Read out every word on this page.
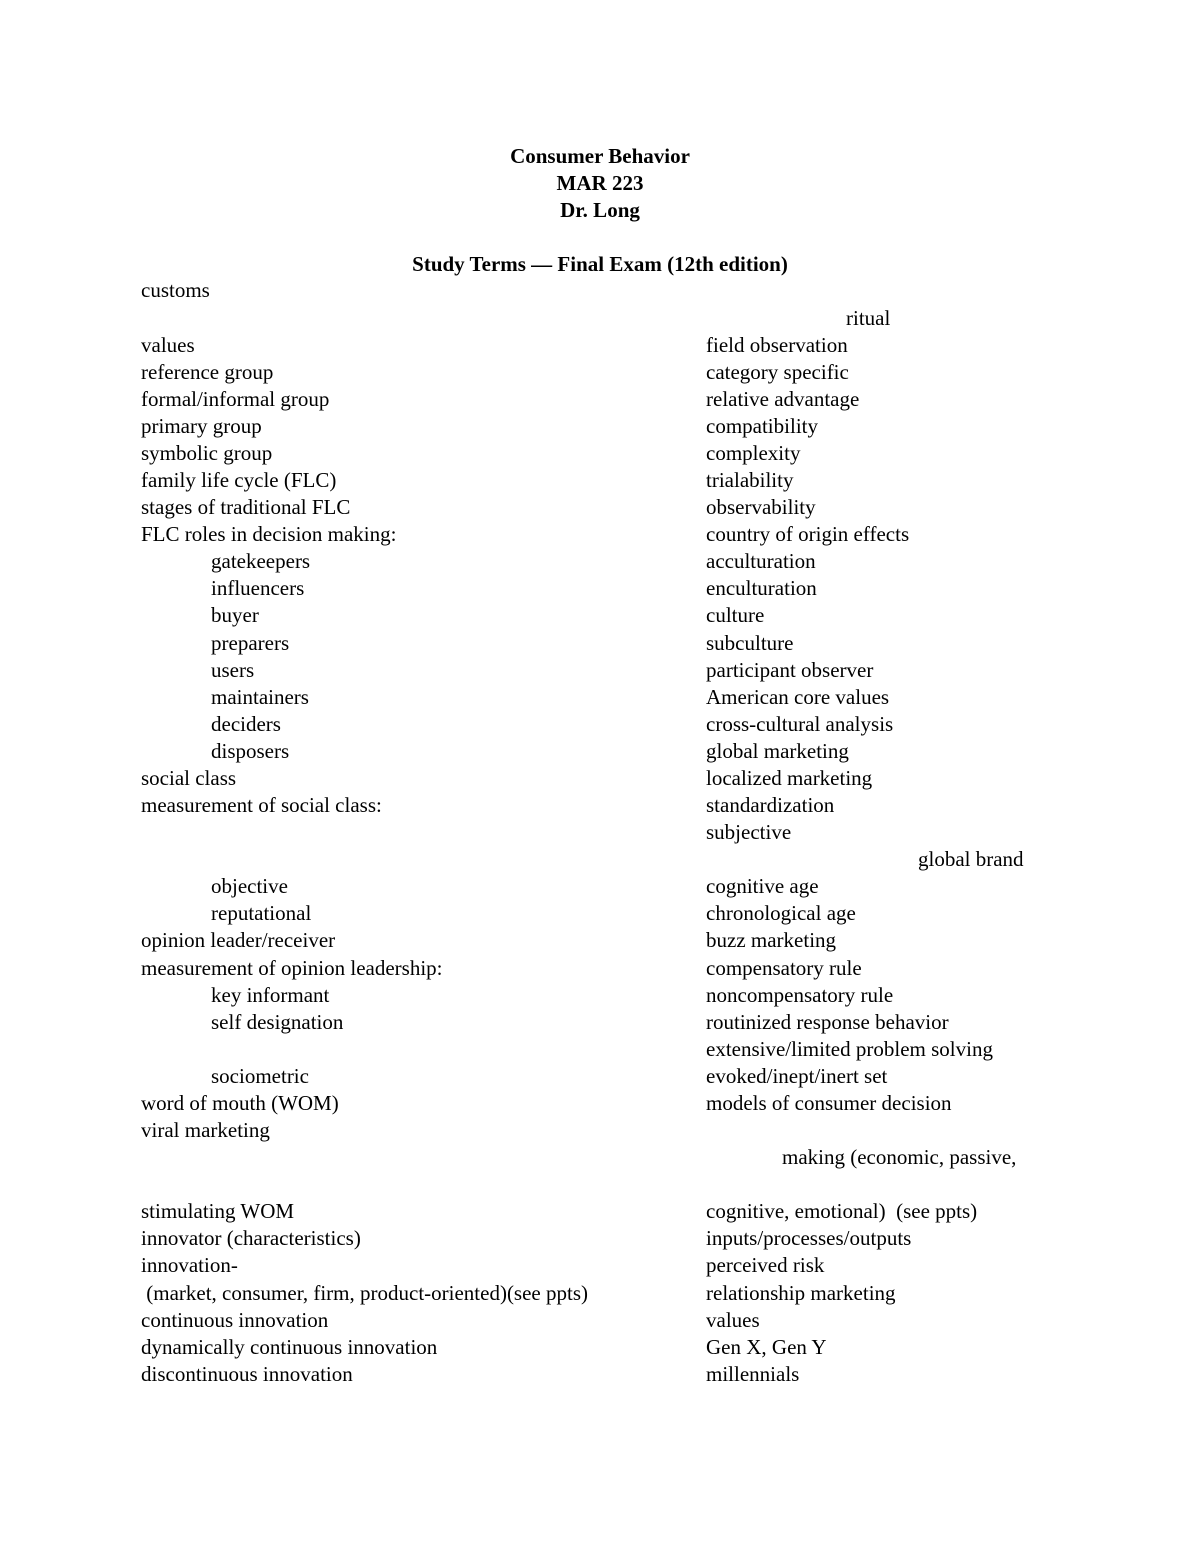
Consumer Behavior
MAR 223
Dr. Long
Study Terms — Final Exam (12th edition)
customs
values
reference group
formal/informal group
primary group
symbolic group
family life cycle (FLC)
stages of traditional FLC
FLC roles in decision making:
gatekeepers
influencers
buyer
preparers
users
maintainers
deciders
disposers
social class
measurement of social class:
objective
reputational
opinion leader/receiver
measurement of opinion leadership:
key informant
self designation
sociometric
word of mouth (WOM)
viral marketing
stimulating WOM
innovator (characteristics)
innovation-
(market, consumer, firm, product-oriented)(see ppts)
continuous innovation
dynamically continuous innovation
discontinuous innovation
ritual
field observation
category specific
relative advantage
compatibility
complexity
trialability
observability
country of origin effects
acculturation
enculturation
culture
subculture
participant observer
American core values
cross-cultural analysis
global marketing
localized marketing
standardization
subjective
global brand
cognitive age
chronological age
buzz marketing
compensatory rule
noncompensatory rule
routinized response behavior
extensive/limited problem solving
evoked/inept/inert set
models of consumer decision
making (economic, passive,
cognitive, emotional)  (see ppts)
inputs/processes/outputs
perceived risk
relationship marketing
values
Gen X, Gen Y
millennials
